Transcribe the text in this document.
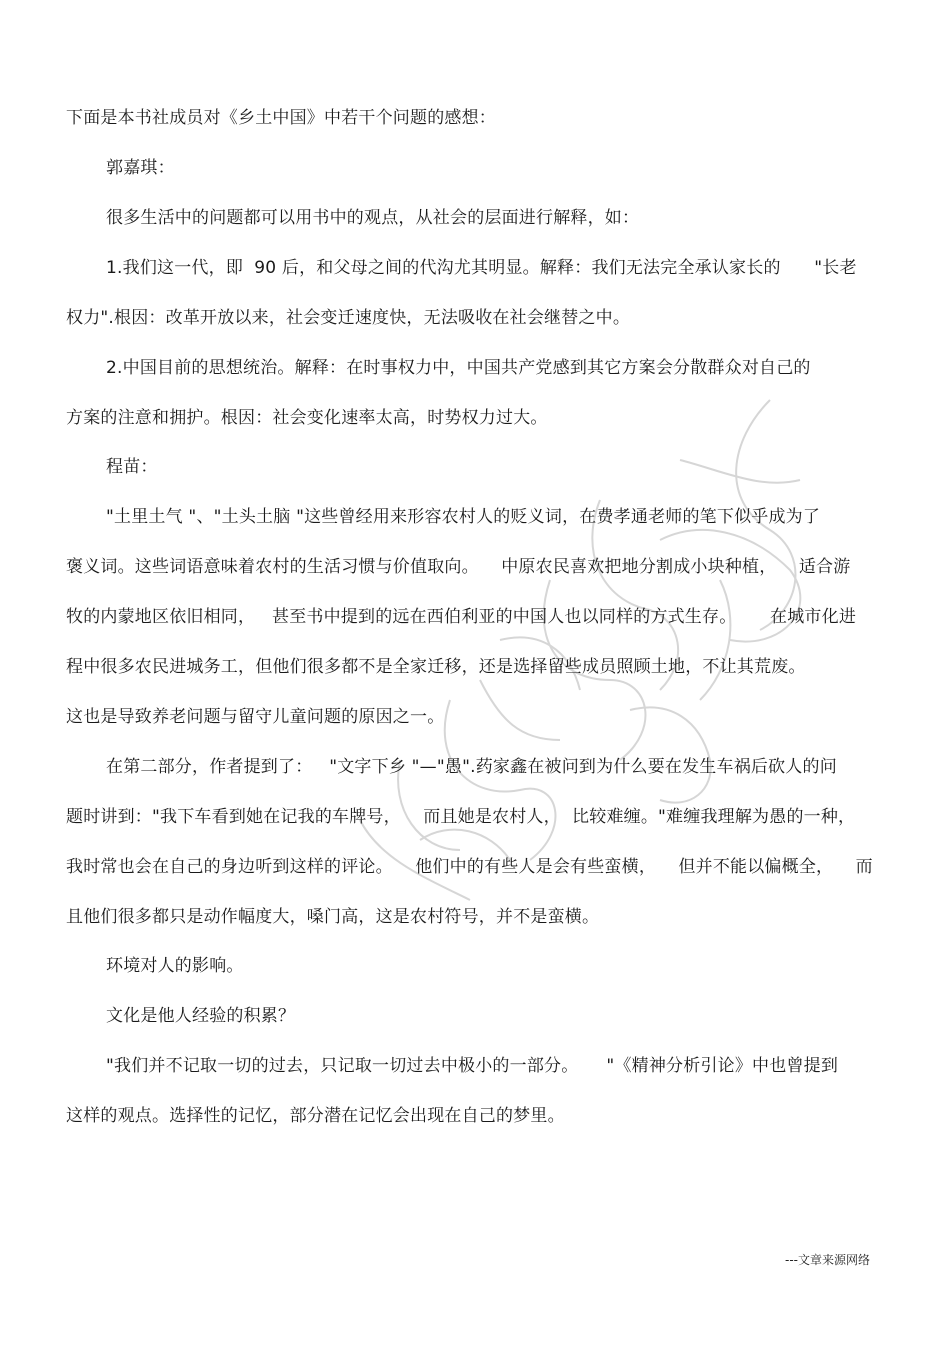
下面是本书社成员对《乡土中国》中若干个问题的感想：
郭嘉琪：
很多生活中的问题都可以用书中的观点，从社会的层面进行解释，如：
1.我们这一代，即  90 后，和父母之间的代沟尤其明显。解释：我们无法完全承认家长的      "长老
权力".根因：改革开放以来，社会变迁速度快，无法吸收在社会继替之中。
2.中国目前的思想统治。解释：在时事权力中，中国共产党感到其它方案会分散群众对自己的
方案的注意和拥护。根因：社会变化速率太高，时势权力过大。
程苗：
"土里土气 "、"土头土脑 "这些曾经用来形容农村人的贬义词，在费孝通老师的笔下似乎成为了
褒义词。这些词语意味着农村的生活习惯与价值取向。    中原农民喜欢把地分割成小块种植，    适合游
牧的内蒙地区依旧相同，   甚至书中提到的远在西伯利亚的中国人也以同样的方式生存。      在城市化进
程中很多农民进城务工，但他们很多都不是全家迁移，还是选择留些成员照顾土地，不让其荒废。
这也是导致养老问题与留守儿童问题的原因之一。
在第二部分，作者提到了：   "文字下乡 "—"愚".药家鑫在被问到为什么要在发生车祸后砍人的问
题时讲到："我下车看到她在记我的车牌号，    而且她是农村人，  比较难缠。"难缠我理解为愚的一种，
我时常也会在自己的身边听到这样的评论。    他们中的有些人是会有些蛮横，    但并不能以偏概全，    而
且他们很多都只是动作幅度大，嗓门高，这是农村符号，并不是蛮横。
环境对人的影响。
文化是他人经验的积累？
"我们并不记取一切的过去，只记取一切过去中极小的一部分。     "《精神分析引论》中也曾提到
这样的观点。选择性的记忆，部分潜在记忆会出现在自己的梦里。
---文章来源网络
